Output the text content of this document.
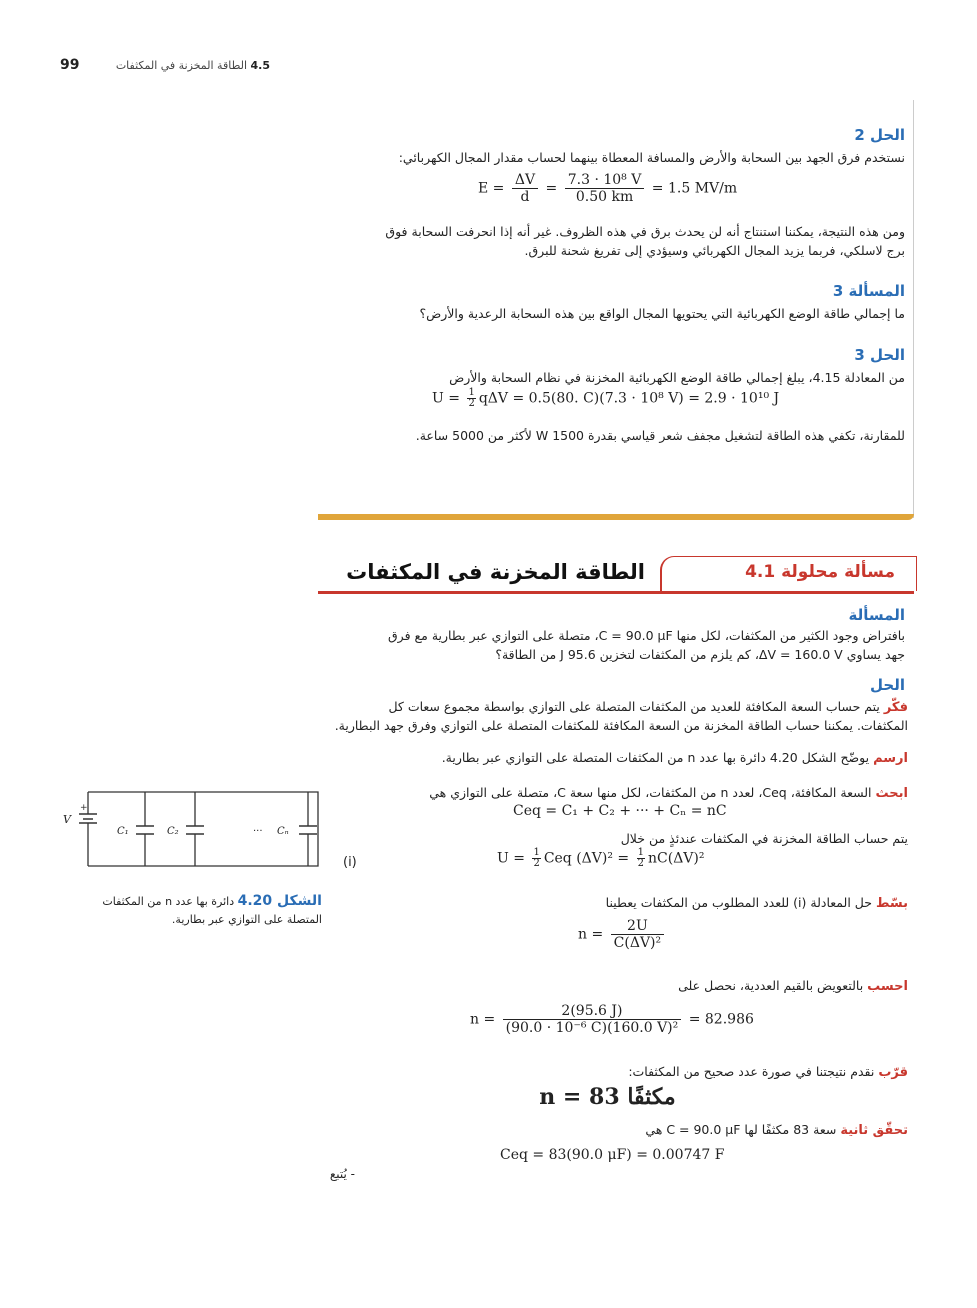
99	4.5 الطاقة المخزنة في المكثفات
الحل 2
نستخدم فرق الجهد بين السحابة والأرض والمسافة المعطاة بينهما لحساب مقدار المجال الكهربائي:
$E = \frac{\Delta V}{d} = \frac{\text{7.3 · 10⁸ V}}{0.50 km} = 1.5$ MV/m
ومن هذه النتيجة، يمكننا استنتاج أنه لن يحدث برق في هذه الظروف. غير أنه إذا انحرفت السحابة فوق
برج لاسلكي، فربما يزيد المجال الكهربائي وسيؤدي إلى تفريغ شحنة للبرق.
المسألة 3
ما إجمالي طاقة الوضع الكهربائية التي يحتويها المجال الواقع بين هذه السحابة الرعدية والأرض؟
الحل 3
من المعادلة 4.15، يبلغ إجمالي طاقة الوضع الكهربائية المخزنة في نظام السحابة والأرض
$U = \frac{1}{2}$ qΔV = 0.5(80. C)(7.3 · 10⁸ V) = 2.9 · 10¹⁰ J
للمقارنة، تكفي هذه الطاقة لتشغيل مجفف شعر قياسي بقدرة 1500 W لأكثر من 5000 ساعة.
مسألة محلولة 4.1
الطاقة المخزنة في المكثفات
المسألة
بافتراض وجود الكثير من المكثفات، لكل منها C = 90.0 μF، متصلة على التوازي عبر بطارية مع فرق
جهد يساوي ΔV = 160.0 V، كم يلزم من المكثفات لتخزين 95.6 J من الطاقة؟
الحل
فكّر يتم حساب السعة المكافئة للعديد من المكثفات المتصلة على التوازي بواسطة مجموع سعات كل
المكثفات. يمكننا حساب الطاقة المخزنة من السعة المكافئة للمكثفات المتصلة على التوازي وفرق جهد البطارية.
ارسم يوضّح الشكل 4.20 دائرة بها عدد n من المكثفات المتصلة على التوازي عبر بطارية.
ابحث السعة المكافئة، Ceq، لعدد n من المكثفات، لكل منها سعة C، متصلة على التوازي هي
Ceq = C₁ + C₂ + ··· + Cₙ = nC
يتم حساب الطاقة المخزنة في المكثفات عندئذٍ من خلال
$U = \frac{1}{2}$ Ceq $(\Delta V)^2 = \frac{1}{2} nC(\Delta V)^2$
(i)
بسّط حل المعادلة (i) للعدد المطلوب من المكثفات يعطينا
$n = \frac{2U}{\text{C(ΔV)²}}$
احسب بالتعويض بالقيم العددية، نحصل على
$n = \frac{2(95.6 J)}{\text{(90.0 · 10⁻⁶ C)(160.0 V)²}} = 82.986$
قرّب نقدم نتيجتنا في صورة عدد صحيح من المكثفات:
n = 83 مكثفًا
تحقّق ثانية سعة 83 مكثفًا لها C = 90.0 μF هي
Ceq = 83(90.0 μF) = 0.00747 F
- يُتبع
+
V
C₁	C₂	··· Cₙ
الشكل 4.20 دائرة بها عدد n من المكثفات
المتصلة على التوازي عبر بطارية.
